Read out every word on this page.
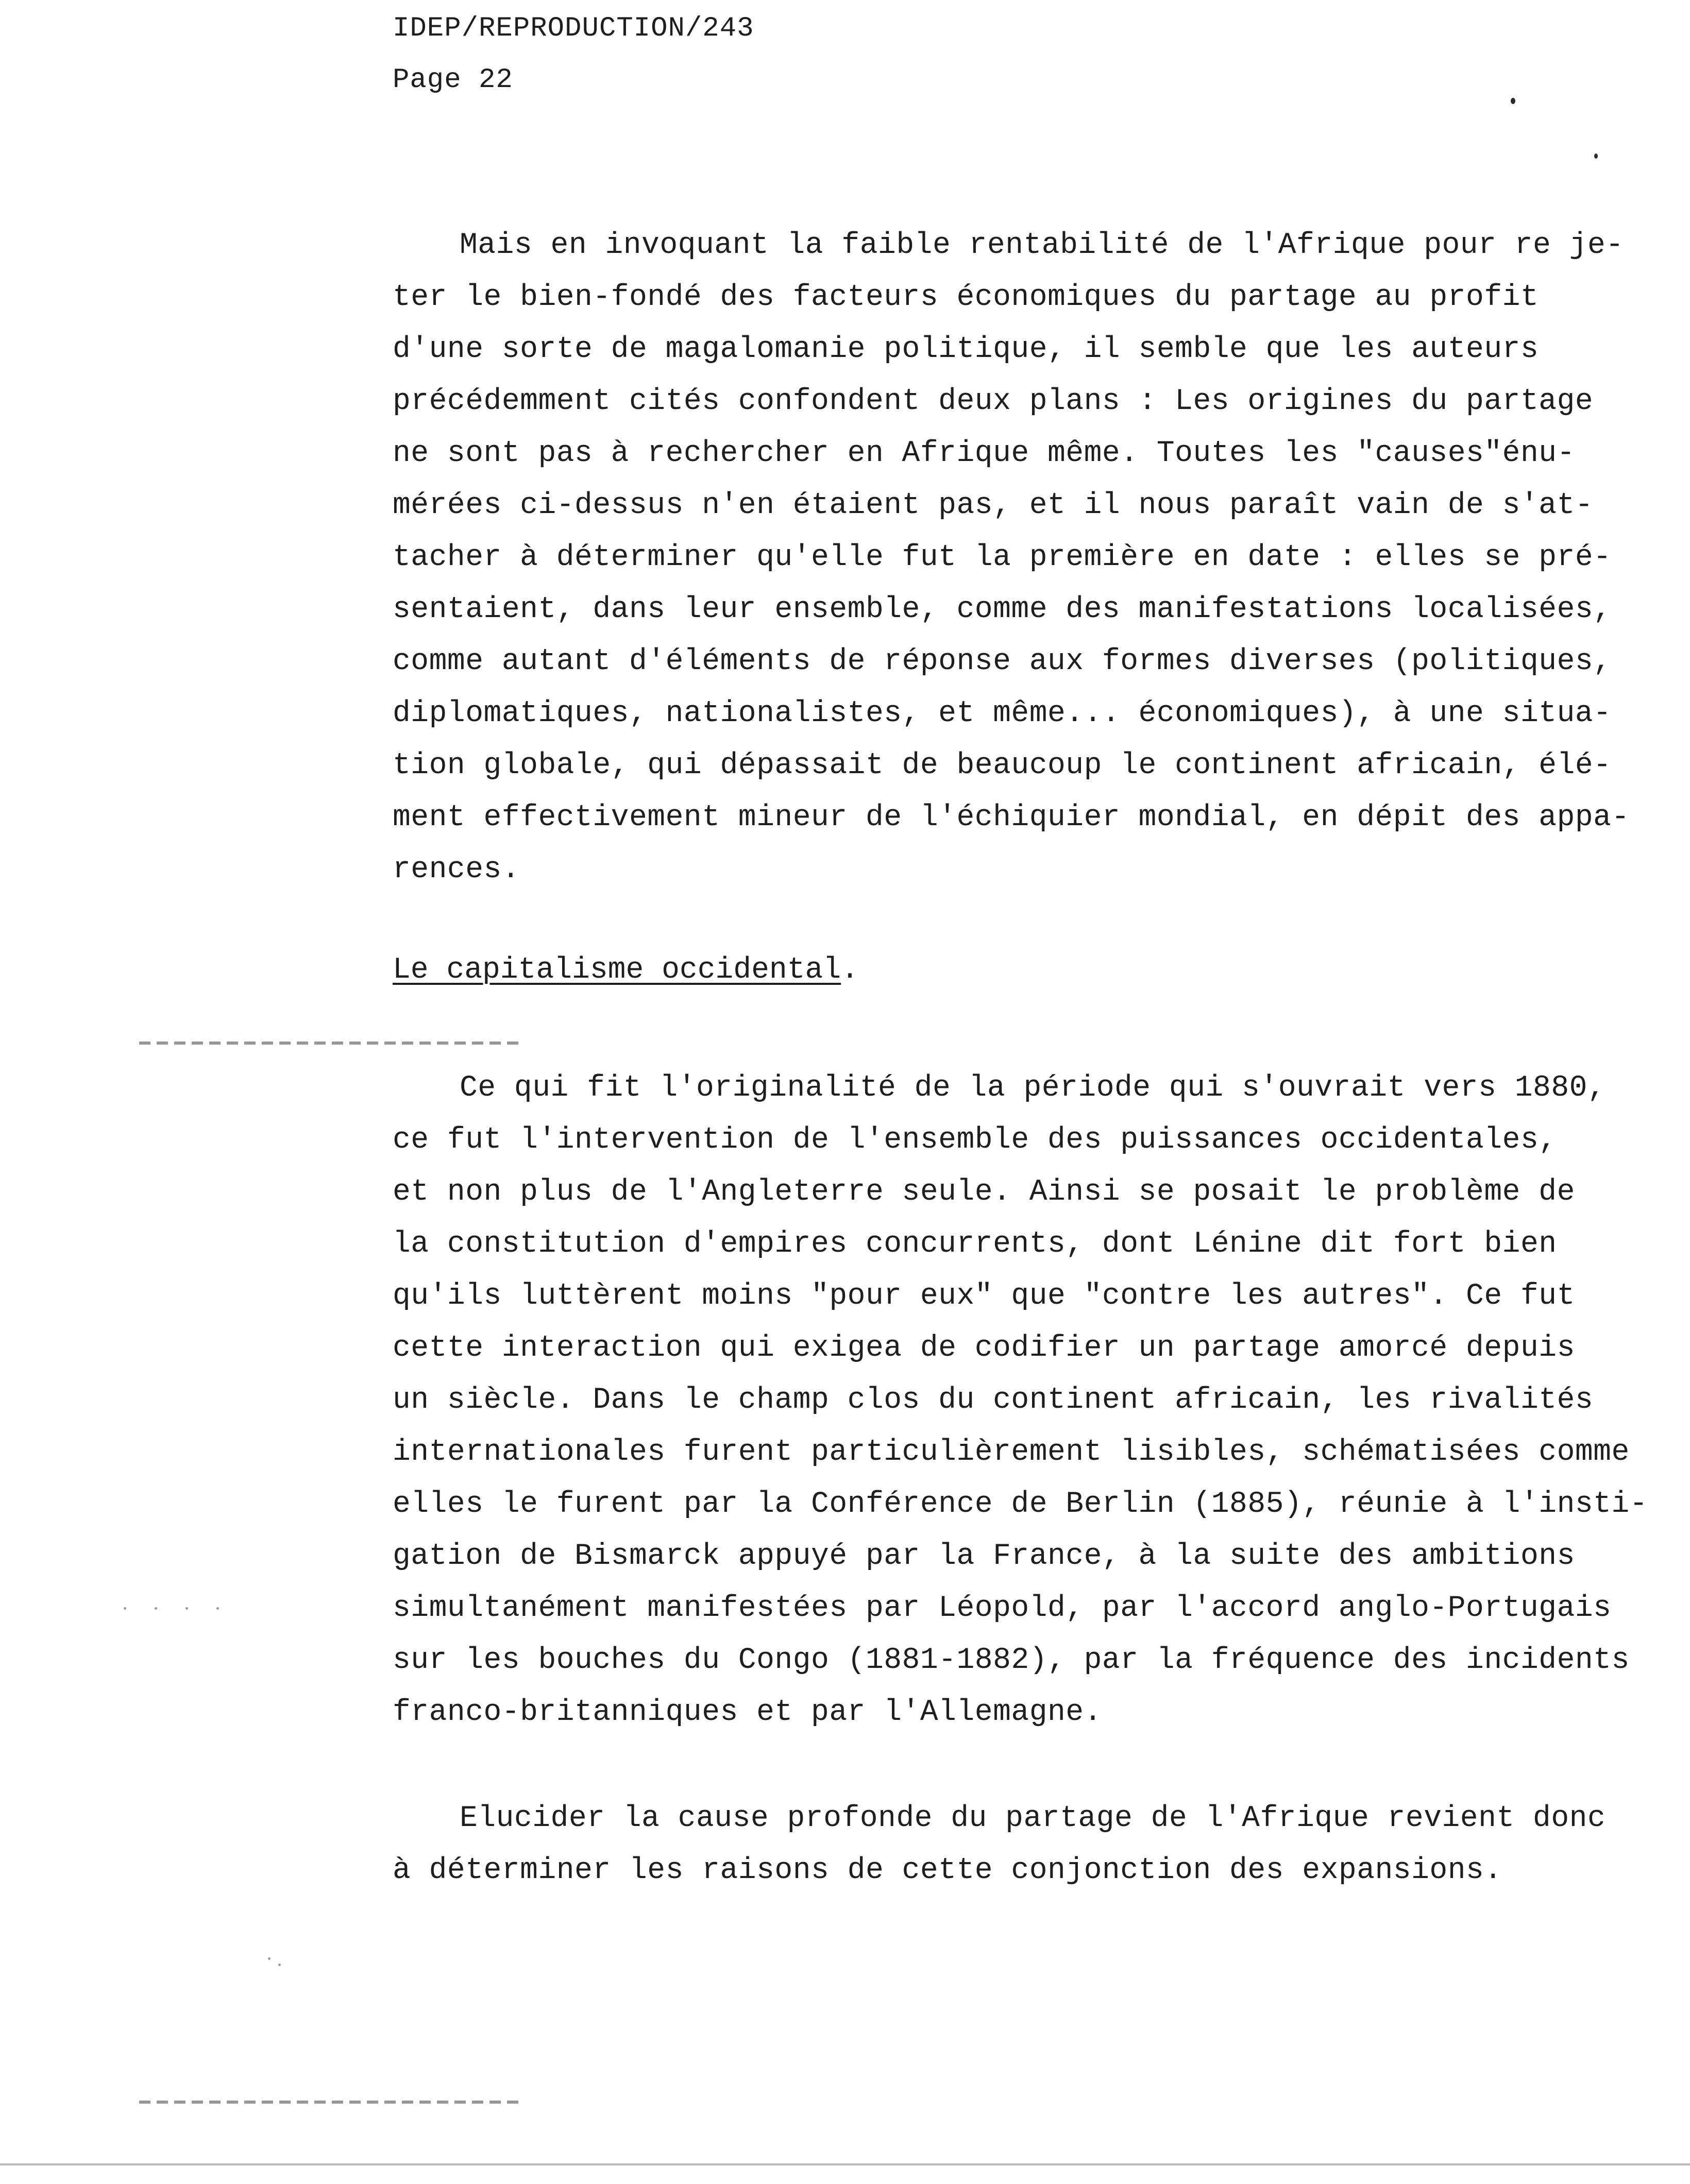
IDEP/REPRODUCTION/243
Page 22
Mais en invoquant la faible rentabilité de l'Afrique pour re je-
ter le bien-fondé des facteurs économiques du partage au profit
d'une sorte de magalomanie politique, il semble que les auteurs
précédemment cités confondent deux plans : Les origines du partage
ne sont pas à rechercher en Afrique même. Toutes les "causes"énu-
mérées ci-dessus n'en étaient pas, et il nous paraît vain de s'at-
tacher à déterminer qu'elle fut la première en date : elles se pré-
sentaient, dans leur ensemble, comme des manifestations localisées,
comme autant d'éléments de réponse aux formes diverses (politiques,
diplomatiques, nationalistes, et même... économiques), à une situa-
tion globale, qui dépassait de beaucoup le continent africain, élé-
ment effectivement mineur de l'échiquier mondial, en dépit des appa-
rences.
Le capitalisme occidental.
Ce qui fit l'originalité de la période qui s'ouvrait vers 1880,
ce fut l'intervention de l'ensemble des puissances occidentales,
et non plus de l'Angleterre seule. Ainsi se posait le problème de
la constitution d'empires concurrents, dont Lénine dit fort bien
qu'ils luttèrent moins "pour eux" que "contre les autres". Ce fut
cette interaction qui exigea de codifier un partage amorcé depuis
un siècle. Dans le champ clos du continent africain, les rivalités
internationales furent particulièrement lisibles, schématisées comme
elles le furent par la Conférence de Berlin (1885), réunie à l'insti-
gation de Bismarck appuyé par la France, à la suite des ambitions
simultanément manifestées par Léopold, par l'accord anglo-Portugais
sur les bouches du Congo (1881-1882), par la fréquence des incidents
franco-britanniques et par l'Allemagne.
Elucider la cause profonde du partage de l'Afrique revient donc
à déterminer les raisons de cette conjonction des expansions.
